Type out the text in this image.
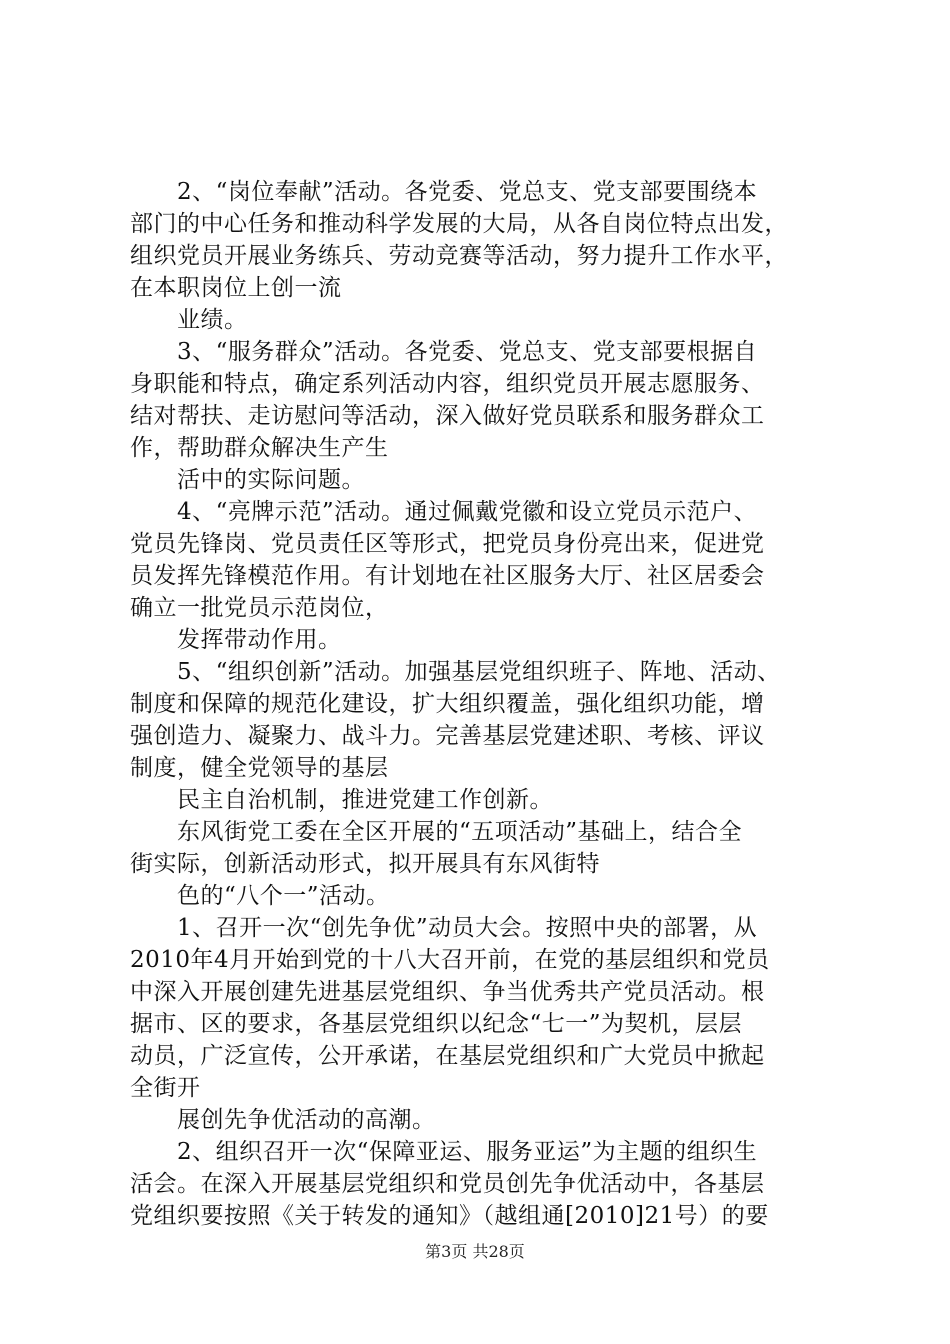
2、“岗位奉献”活动。各党委、党总支、党支部要围绕本
部门的中心任务和推动科学发展的大局，从各自岗位特点出发，
组织党员开展业务练兵、劳动竞赛等活动，努力提升工作水平，
在本职岗位上创一流
业绩。
3、“服务群众”活动。各党委、党总支、党支部要根据自
身职能和特点，确定系列活动内容，组织党员开展志愿服务、
结对帮扶、走访慰问等活动，深入做好党员联系和服务群众工
作，帮助群众解决生产生
活中的实际问题。
4、“亮牌示范”活动。通过佩戴党徽和设立党员示范户、
党员先锋岗、党员责任区等形式，把党员身份亮出来，促进党
员发挥先锋模范作用。有计划地在社区服务大厅、社区居委会
确立一批党员示范岗位，
发挥带动作用。
5、“组织创新”活动。加强基层党组织班子、阵地、活动、
制度和保障的规范化建设，扩大组织覆盖，强化组织功能，增
强创造力、凝聚力、战斗力。完善基层党建述职、考核、评议
制度，健全党领导的基层
民主自治机制，推进党建工作创新。
东风街党工委在全区开展的“五项活动”基础上，结合全
街实际，创新活动形式，拟开展具有东风街特
色的“八个一”活动。
1、召开一次“创先争优”动员大会。按照中央的部署，从
2010年4月开始到党的十八大召开前，在党的基层组织和党员
中深入开展创建先进基层党组织、争当优秀共产党员活动。根
据市、区的要求，各基层党组织以纪念“七一”为契机，层层
动员，广泛宣传，公开承诺，在基层党组织和广大党员中掀起
全街开
展创先争优活动的高潮。
2、组织召开一次“保障亚运、服务亚运”为主题的组织生
活会。在深入开展基层党组织和党员创先争优活动中，各基层
党组织要按照《关于转发的通知》（越组通[2010]21号）的要
第3页 共28页
